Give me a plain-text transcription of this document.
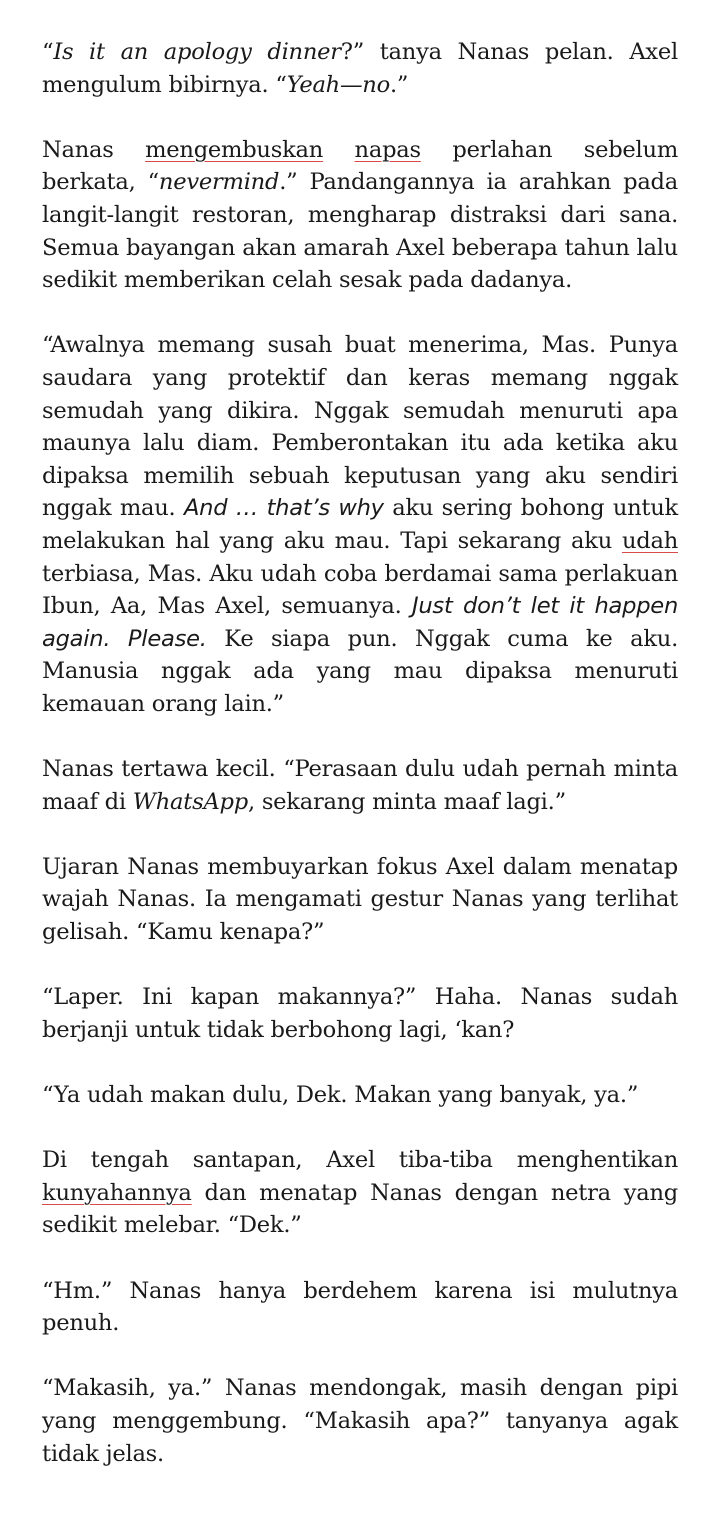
“Is it an apology dinner?” tanya Nanas pelan. Axel mengulum bibirnya. “Yeah—no.”

Nanas mengembuskan napas perlahan sebelum berkata, “nevermind.” Pandangannya ia arahkan pada langit-langit restoran, mengharap distraksi dari sana. Semua bayangan akan amarah Axel beberapa tahun lalu sedikit memberikan celah sesak pada dadanya.

“Awalnya memang susah buat menerima, Mas. Punya saudara yang protektif dan keras memang nggak semudah yang dikira. Nggak semudah menuruti apa maunya lalu diam. Pemberontakan itu ada ketika aku dipaksa memilih sebuah keputusan yang aku sendiri nggak mau. And … that’s why aku sering bohong untuk melakukan hal yang aku mau. Tapi sekarang aku udah terbiasa, Mas. Aku udah coba berdamai sama perlakuan Ibun, Aa, Mas Axel, semuanya. Just don’t let it happen again. Please. Ke siapa pun. Nggak cuma ke aku. Manusia nggak ada yang mau dipaksa menuruti kemauan orang lain.”

Nanas tertawa kecil. “Perasaan dulu udah pernah minta maaf di WhatsApp, sekarang minta maaf lagi.”

Ujaran Nanas membuyarkan fokus Axel dalam menatap wajah Nanas. Ia mengamati gestur Nanas yang terlihat gelisah. “Kamu kenapa?”

“Laper. Ini kapan makannya?” Haha. Nanas sudah berjanji untuk tidak berbohong lagi, ‘kan?

“Ya udah makan dulu, Dek. Makan yang banyak, ya.”

Di tengah santapan, Axel tiba-tiba menghentikan kunyahannya dan menatap Nanas dengan netra yang sedikit melebar. “Dek.”

“Hm.” Nanas hanya berdehem karena isi mulutnya penuh.

“Makasih, ya.” Nanas mendongak, masih dengan pipi yang menggembung. “Makasih apa?” tanyanya agak tidak jelas.
